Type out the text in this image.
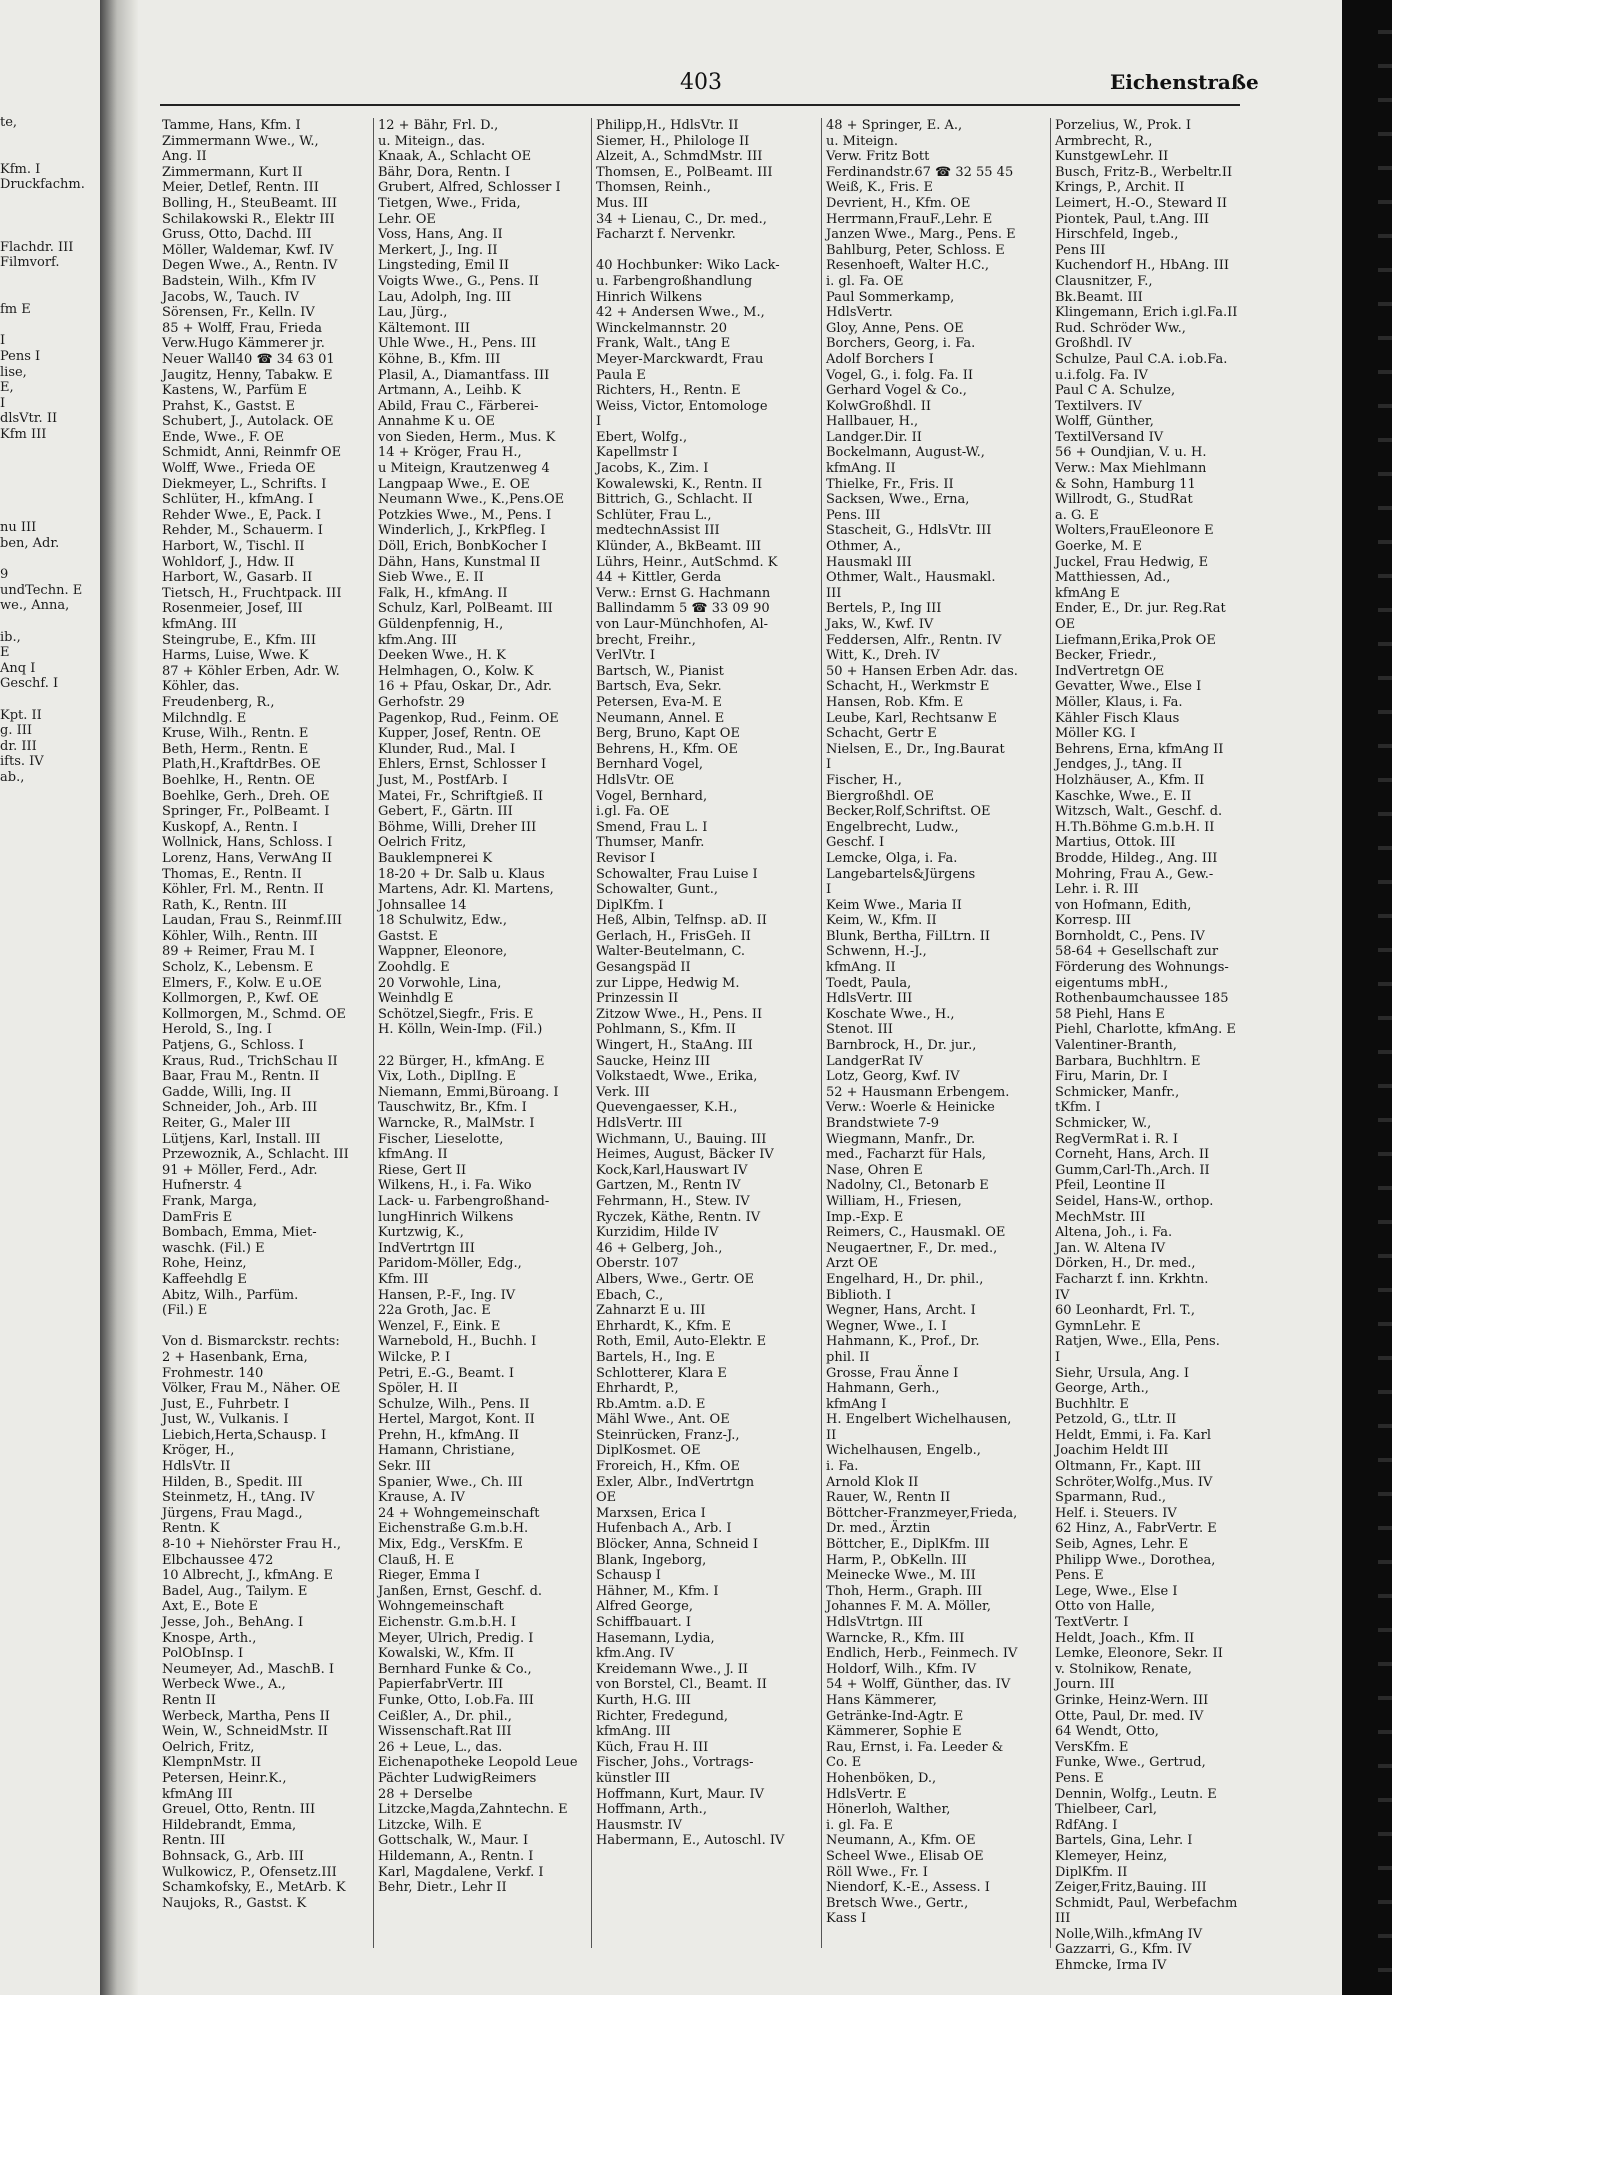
te,
Kfm. I
Druckfachm.
Flachdr. III
Filmvorf.
fm E
I
Pens I
lise,
E,
I
dlsVtr. II
Kfm III
nu III
ben, Adr.
9
undTechn. E
we., Anna,
ib.,
E
Anq I
Geschf. I
Kpt. II
g. III
dr. III
ifts. IV
ab.,
403	Eichenstraße
Tamme, Hans, Kfm. I
Zimmermann Wwe., W.,
Ang. II
Zimmermann, Kurt II
Meier, Detlef, Rentn. III
Bolling, H., SteuBeamt. III
Schilakowski R., Elektr III
Gruss, Otto, Dachd. III
Möller, Waldemar, Kwf. IV
Degen Wwe., A., Rentn. IV
Badstein, Wilh., Kfm IV
Jacobs, W., Tauch. IV
Sörensen, Fr., Kelln. IV
85 + Wolff, Frau, Frieda
Verw.Hugo Kämmerer jr.
Neuer Wall40 ☎ 34 63 01
Jaugitz, Henny, Tabakw. E
Kastens, W., Parfüm E
Prahst, K., Gastst. E
Schubert, J., Autolack. OE
Ende, Wwe., F. OE
Schmidt, Anni, Reinmfr OE
Wolff, Wwe., Frieda OE
Diekmeyer, L., Schrifts. I
Schlüter, H., kfmAng. I
Rehder Wwe., E, Pack. I
Rehder, M., Schauerm. I
Harbort, W., Tischl. II
Wohldorf, J., Hdw. II
Harbort, W., Gasarb. II
Tietsch, H., Fruchtpack. III
Rosenmeier, Josef, III
kfmAng. III
Steingrube, E., Kfm. III
Harms, Luise, Wwe. K
87 + Köhler Erben, Adr. W.
Köhler, das.
Freudenberg, R.,
Milchndlg. E
Kruse, Wilh., Rentn. E
Beth, Herm., Rentn. E
Plath,H.,KraftdrBes. OE
Boehlke, H., Rentn. OE
Boehlke, Gerh., Dreh. OE
Springer, Fr., PolBeamt. I
Kuskopf, A., Rentn. I
Wollnick, Hans, Schloss. I
Lorenz, Hans, VerwAng II
Thomas, E., Rentn. II
Köhler, Frl. M., Rentn. II
Rath, K., Rentn. III
Laudan, Frau S., Reinmf.III
Köhler, Wilh., Rentn. III
89 + Reimer, Frau M. I
Scholz, K., Lebensm. E
Elmers, F., Kolw. E u.OE
Kollmorgen, P., Kwf. OE
Kollmorgen, M., Schmd. OE
Herold, S., Ing. I
Patjens, G., Schloss. I
Kraus, Rud., TrichSchau II
Baar, Frau M., Rentn. II
Gadde, Willi, Ing. II
Schneider, Joh., Arb. III
Reiter, G., Maler III
Lütjens, Karl, Install. III
Przewoznik, A., Schlacht. III
91 + Möller, Ferd., Adr.
Hufnerstr. 4
Frank, Marga,
DamFris E
Bombach, Emma, Miet-
waschk. (Fil.) E
Rohe, Heinz,
Kaffeehdlg E
Abitz, Wilh., Parfüm.
(Fil.) E
Von d. Bismarckstr. rechts:
2 + Hasenbank, Erna,
Frohmestr. 140
Völker, Frau M., Näher. OE
Just, E., Fuhrbetr. I
Just, W., Vulkanis. I
Liebich,Herta,Schausp. I
Kröger, H.,
HdlsVtr. II
Hilden, B., Spedit. III
Steinmetz, H., tAng. IV
Jürgens, Frau Magd.,
Rentn. K
8-10 + Niehörster Frau H.,
Elbchaussee 472
10 Albrecht, J., kfmAng. E
Badel, Aug., Tailym. E
Axt, E., Bote E
Jesse, Joh., BehAng. I
Knospe, Arth.,
PolObInsp. I
Neumeyer, Ad., MaschB. I
Werbeck Wwe., A.,
Rentn II
Werbeck, Martha, Pens II
Wein, W., SchneidMstr. II
Oelrich, Fritz,
KlempnMstr. II
Petersen, Heinr.K.,
kfmAng III
Greuel, Otto, Rentn. III
Hildebrandt, Emma,
Rentn. III
Bohnsack, G., Arb. III
Wulkowicz, P., Ofensetz.III
Schamkofsky, E., MetArb. K
Naujoks, R., Gastst. K
12 + Bähr, Frl. D.,
u. Miteign., das.
Knaak, A., Schlacht OE
Bähr, Dora, Rentn. I
Grubert, Alfred, Schlosser I
Tietgen, Wwe., Frida,
Lehr. OE
Voss, Hans, Ang. II
Merkert, J., Ing. II
Lingsteding, Emil II
Voigts Wwe., G., Pens. II
Lau, Adolph, Ing. III
Lau, Jürg.,
Kältemont. III
Uhle Wwe., H., Pens. III
Köhne, B., Kfm. III
Plasil, A., Diamantfass. III
Artmann, A., Leihb. K
Abild, Frau C., Färberei-
Annahme K u. OE
von Sieden, Herm., Mus. K
14 + Kröger, Frau H.,
u Miteign, Krautzenweg 4
Langpaap Wwe., E. OE
Neumann Wwe., K.,Pens.OE
Potzkies Wwe., M., Pens. I
Winderlich, J., KrkPfleg. I
Döll, Erich, BonbKocher I
Dähn, Hans, Kunstmal II
Sieb Wwe., E. II
Falk, H., kfmAng. II
Schulz, Karl, PolBeamt. III
Güldenpfennig, H.,
kfm.Ang. III
Deeken Wwe., H. K
Helmhagen, O., Kolw. K
16 + Pfau, Oskar, Dr., Adr.
Gerhofstr. 29
Pagenkop, Rud., Feinm. OE
Kupper, Josef, Rentn. OE
Klunder, Rud., Mal. I
Ehlers, Ernst, Schlosser I
Just, M., PostfArb. I
Matei, Fr., Schriftgieß. II
Gebert, F., Gärtn. III
Böhme, Willi, Dreher III
Oelrich Fritz,
Bauklempnerei K
18-20 + Dr. Salb u. Klaus
Martens, Adr. Kl. Martens,
Johnsallee 14
18 Schulwitz, Edw.,
Gastst. E
Wappner, Eleonore,
Zoohdlg. E
20 Vorwohle, Lina,
Weinhdlg E
Schötzel,Siegfr., Fris. E
H. Kölln, Wein-Imp. (Fil.)
22 Bürger, H., kfmAng. E
Vix, Loth., DiplIng. E
Niemann, Emmi,Büroang. I
Tauschwitz, Br., Kfm. I
Warncke, R., MalMstr. I
Fischer, Lieselotte,
kfmAng. II
Riese, Gert II
Wilkens, H., i. Fa. Wiko
Lack- u. Farbengroßhand-
lungHinrich Wilkens
Kurtzwig, K.,
IndVertrtgn III
Paridom-Möller, Edg.,
Kfm. III
Hansen, P.-F., Ing. IV
22a Groth, Jac. E
Wenzel, F., Eink. E
Warnebold, H., Buchh. I
Wilcke, P. I
Petri, E.-G., Beamt. I
Spöler, H. II
Schulze, Wilh., Pens. II
Hertel, Margot, Kont. II
Prehn, H., kfmAng. II
Hamann, Christiane,
Sekr. III
Spanier, Wwe., Ch. III
Krause, A. IV
24 + Wohngemeinschaft
Eichenstraße G.m.b.H.
Mix, Edg., VersKfm. E
Clauß, H. E
Rieger, Emma I
Janßen, Ernst, Geschf. d.
Wohngemeinschaft
Eichenstr. G.m.b.H. I
Meyer, Ulrich, Predig. I
Kowalski, W., Kfm. II
Bernhard Funke & Co.,
PapierfabrVertr. III
Funke, Otto, I.ob.Fa. III
Ceißler, A., Dr. phil.,
Wissenschaft.Rat III
26 + Leue, L., das.
Eichenapotheke Leopold Leue
Pächter LudwigReimers
28 + Derselbe
Litzcke,Magda,Zahntechn. E
Litzcke, Wilh. E
Gottschalk, W., Maur. I
Hildemann, A., Rentn. I
Karl, Magdalene, Verkf. I
Behr, Dietr., Lehr II
Philipp,H., HdlsVtr. II
Siemer, H., Philologe II
Alzeit, A., SchmdMstr. III
Thomsen, E., PolBeamt. III
Thomsen, Reinh.,
Mus. III
34 + Lienau, C., Dr. med.,
Facharzt f. Nervenkr.
40 Hochbunker: Wiko Lack-
u. Farbengroßhandlung
Hinrich Wilkens
42 + Andersen Wwe., M.,
Winckelmannstr. 20
Frank, Walt., tAng E
Meyer-Marckwardt, Frau
Paula E
Richters, H., Rentn. E
Weiss, Victor, Entomologe
I
Ebert, Wolfg.,
Kapellmstr I
Jacobs, K., Zim. I
Kowalewski, K., Rentn. II
Bittrich, G., Schlacht. II
Schlüter, Frau L.,
medtechnAssist III
Klünder, A., BkBeamt. III
Lührs, Heinr., AutSchmd. K
44 + Kittler, Gerda
Verw.: Ernst G. Hachmann
Ballindamm 5 ☎ 33 09 90
von Laur-Münchhofen, Al-
brecht, Freihr.,
VerlVtr. I
Bartsch, W., Pianist
Bartsch, Eva, Sekr.
Petersen, Eva-M. E
Neumann, Annel. E
Berg, Bruno, Kapt OE
Behrens, H., Kfm. OE
Bernhard Vogel,
HdlsVtr. OE
Vogel, Bernhard,
i.gl. Fa. OE
Smend, Frau L. I
Thumser, Manfr.
Revisor I
Schowalter, Frau Luise I
Schowalter, Gunt.,
DiplKfm. I
Heß, Albin, Telfnsp. aD. II
Gerlach, H., FrisGeh. II
Walter-Beutelmann, C.
Gesangspäd II
zur Lippe, Hedwig M.
Prinzessin II
Zitzow Wwe., H., Pens. II
Pohlmann, S., Kfm. II
Wingert, H., StaAng. III
Saucke, Heinz III
Volkstaedt, Wwe., Erika,
Verk. III
Quevengaesser, K.H.,
HdlsVertr. III
Wichmann, U., Bauing. III
Heimes, August, Bäcker IV
Kock,Karl,Hauswart IV
Gartzen, M., Rentn IV
Fehrmann, H., Stew. IV
Ryczek, Käthe, Rentn. IV
Kurzidim, Hilde IV
46 + Gelberg, Joh.,
Oberstr. 107
Albers, Wwe., Gertr. OE
Ebach, C.,
Zahnarzt E u. III
Ehrhardt, K., Kfm. E
Roth, Emil, Auto-Elektr. E
Bartels, H., Ing. E
Schlotterer, Klara E
Ehrhardt, P.,
Rb.Amtm. a.D. E
Mähl Wwe., Ant. OE
Steinrücken, Franz-J.,
DiplKosmet. OE
Froreich, H., Kfm. OE
Exler, Albr., IndVertrtgn
OE
Marxsen, Erica I
Hufenbach A., Arb. I
Blöcker, Anna, Schneid I
Blank, Ingeborg,
Schausp I
Hähner, M., Kfm. I
Alfred George,
Schiffbauart. I
Hasemann, Lydia,
kfm.Ang. IV
Kreidemann Wwe., J. II
von Borstel, Cl., Beamt. II
Kurth, H.G. III
Richter, Fredegund,
kfmAng. III
Küch, Frau H. III
Fischer, Johs., Vortrags-
künstler III
Hoffmann, Kurt, Maur. IV
Hoffmann, Arth.,
Hausmstr. IV
Habermann, E., Autoschl. IV
48 + Springer, E. A.,
u. Miteign.
Verw. Fritz Bott
Ferdinandstr.67 ☎ 32 55 45
Weiß, K., Fris. E
Devrient, H., Kfm. OE
Herrmann,FrauF.,Lehr. E
Janzen Wwe., Marg., Pens. E
Bahlburg, Peter, Schloss. E
Resenhoeft, Walter H.C.,
i. gl. Fa. OE
Paul Sommerkamp,
HdlsVertr.
Gloy, Anne, Pens. OE
Borchers, Georg, i. Fa.
Adolf Borchers I
Vogel, G., i. folg. Fa. II
Gerhard Vogel & Co.,
KolwGroßhdl. II
Hallbauer, H.,
Landger.Dir. II
Bockelmann, August-W.,
kfmAng. II
Thielke, Fr., Fris. II
Sacksen, Wwe., Erna,
Pens. III
Stascheit, G., HdlsVtr. III
Othmer, A.,
Hausmakl III
Othmer, Walt., Hausmakl.
III
Bertels, P., Ing III
Jaks, W., Kwf. IV
Feddersen, Alfr., Rentn. IV
Witt, K., Dreh. IV
50 + Hansen Erben Adr. das.
Schacht, H., Werkmstr E
Hansen, Rob. Kfm. E
Leube, Karl, Rechtsanw E
Schacht, Gertr E
Nielsen, E., Dr., Ing.Baurat
I
Fischer, H.,
Biergroßhdl. OE
Becker,Rolf,Schriftst. OE
Engelbrecht, Ludw.,
Geschf. I
Lemcke, Olga, i. Fa.
Langebartels&Jürgens
I
Keim Wwe., Maria II
Keim, W., Kfm. II
Blunk, Bertha, FilLtrn. II
Schwenn, H.-J.,
kfmAng. II
Toedt, Paula,
HdlsVertr. III
Koschate Wwe., H.,
Stenot. III
Barnbrock, H., Dr. jur.,
LandgerRat IV
Lotz, Georg, Kwf. IV
52 + Hausmann Erbengem.
Verw.: Woerle & Heinicke
Brandstwiete 7-9
Wiegmann, Manfr., Dr.
med., Facharzt für Hals,
Nase, Ohren E
Nadolny, Cl., Betonarb E
William, H., Friesen,
Imp.-Exp. E
Reimers, C., Hausmakl. OE
Neugaertner, F., Dr. med.,
Arzt OE
Engelhard, H., Dr. phil.,
Biblioth. I
Wegner, Hans, Archt. I
Wegner, Wwe., I. I
Hahmann, K., Prof., Dr.
phil. II
Grosse, Frau Änne I
Hahmann, Gerh.,
kfmAng I
H. Engelbert Wichelhausen,
II
Wichelhausen, Engelb.,
i. Fa.
Arnold Klok II
Rauer, W., Rentn II
Böttcher-Franzmeyer,Frieda,
Dr. med., Ärztin
Böttcher, E., DiplKfm. III
Harm, P., ObKelln. III
Meinecke Wwe., M. III
Thoh, Herm., Graph. III
Johannes F. M. A. Möller,
HdlsVtrtgn. III
Warncke, R., Kfm. III
Endlich, Herb., Feinmech. IV
Holdorf, Wilh., Kfm. IV
54 + Wolff, Günther, das. IV
Hans Kämmerer,
Getränke-Ind-Agtr. E
Kämmerer, Sophie E
Rau, Ernst, i. Fa. Leeder &
Co. E
Hohenböken, D.,
HdlsVertr. E
Hönerloh, Walther,
i. gl. Fa. E
Neumann, A., Kfm. OE
Scheel Wwe., Elisab OE
Röll Wwe., Fr. I
Niendorf, K.-E., Assess. I
Bretsch Wwe., Gertr.,
Kass I
Porzelius, W., Prok. I
Armbrecht, R.,
KunstgewLehr. II
Busch, Fritz-B., Werbeltr.II
Krings, P., Archit. II
Leimert, H.-O., Steward II
Piontek, Paul, t.Ang. III
Hirschfeld, Ingeb.,
Pens III
Kuchendorf H., HbAng. III
Clausnitzer, F.,
Bk.Beamt. III
Klingemann, Erich i.gl.Fa.II
Rud. Schröder Ww.,
Großhdl. IV
Schulze, Paul C.A. i.ob.Fa.
u.i.folg. Fa. IV
Paul C A. Schulze,
Textilvers. IV
Wolff, Günther,
TextilVersand IV
56 + Oundjian, V. u. H.
Verw.: Max Miehlmann
& Sohn, Hamburg 11
Willrodt, G., StudRat
a. G. E
Wolters,FrauEleonore E
Goerke, M. E
Juckel, Frau Hedwig, E
Matthiessen, Ad.,
kfmAng E
Ender, E., Dr. jur. Reg.Rat
OE
Liefmann,Erika,Prok OE
Becker, Friedr.,
IndVertretgn OE
Gevatter, Wwe., Else I
Möller, Klaus, i. Fa.
Kähler Fisch Klaus
Möller KG. I
Behrens, Erna, kfmAng II
Jendges, J., tAng. II
Holzhäuser, A., Kfm. II
Kaschke, Wwe., E. II
Witzsch, Walt., Geschf. d.
H.Th.Böhme G.m.b.H. II
Martius, Ottok. III
Brodde, Hildeg., Ang. III
Mohring, Frau A., Gew.-
Lehr. i. R. III
von Hofmann, Edith,
Korresp. III
Bornholdt, C., Pens. IV
58-64 + Gesellschaft zur
Förderung des Wohnungs-
eigentums mbH.,
Rothenbaumchaussee 185
58 Piehl, Hans E
Piehl, Charlotte, kfmAng. E
Valentiner-Branth,
Barbara, Buchhltrn. E
Firu, Marin, Dr. I
Schmicker, Manfr.,
tKfm. I
Schmicker, W.,
RegVermRat i. R. I
Corneht, Hans, Arch. II
Gumm,Carl-Th.,Arch. II
Pfeil, Leontine II
Seidel, Hans-W., orthop.
MechMstr. III
Altena, Joh., i. Fa.
Jan. W. Altena IV
Dörken, H., Dr. med.,
Facharzt f. inn. Krkhtn.
IV
60 Leonhardt, Frl. T.,
GymnLehr. E
Ratjen, Wwe., Ella, Pens.
I
Siehr, Ursula, Ang. I
George, Arth.,
Buchhltr. E
Petzold, G., tLtr. II
Heldt, Emmi, i. Fa. Karl
Joachim Heldt III
Oltmann, Fr., Kapt. III
Schröter,Wolfg.,Mus. IV
Sparmann, Rud.,
Helf. i. Steuers. IV
62 Hinz, A., FabrVertr. E
Seib, Agnes, Lehr. E
Philipp Wwe., Dorothea,
Pens. E
Lege, Wwe., Else I
Otto von Halle,
TextVertr. I
Heldt, Joach., Kfm. II
Lemke, Eleonore, Sekr. II
v. Stolnikow, Renate,
Journ. III
Grinke, Heinz-Wern. III
Otte, Paul, Dr. med. IV
64 Wendt, Otto,
VersKfm. E
Funke, Wwe., Gertrud,
Pens. E
Dennin, Wolfg., Leutn. E
Thielbeer, Carl,
RdfAng. I
Bartels, Gina, Lehr. I
Klemeyer, Heinz,
DiplKfm. II
Zeiger,Fritz,Bauing. III
Schmidt, Paul, Werbefachm
III
Nolle,Wilh.,kfmAng IV
Gazzarri, G., Kfm. IV
Ehmcke, Irma IV
